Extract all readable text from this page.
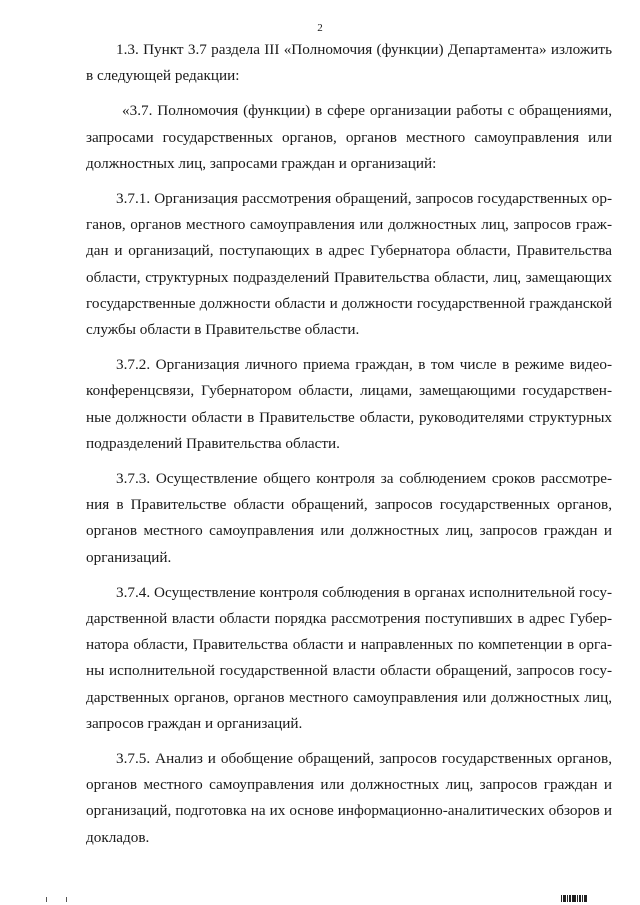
2

1.3. Пункт 3.7 раздела III «Полномочия (функции) Департамента» изложить в следующей редакции:

«3.7. Полномочия (функции) в сфере организации работы с обращениями, запросами государственных органов, органов местного самоуправления или должностных лиц, запросами граждан и организаций:

3.7.1. Организация рассмотрения обращений, запросов государственных органов, органов местного самоуправления или должностных лиц, запросов граждан и организаций, поступающих в адрес Губернатора области, Правительства области, структурных подразделений Правительства области, лиц, замещающих государственные должности области и должности государственной гражданской службы области в Правительстве области.

3.7.2. Организация личного приема граждан, в том числе в режиме видеоконференцсвязи, Губернатором области, лицами, замещающими государственные должности области в Правительстве области, руководителями структурных подразделений Правительства области.

3.7.3. Осуществление общего контроля за соблюдением сроков рассмотрения в Правительстве области обращений, запросов государственных органов, органов местного самоуправления или должностных лиц, запросов граждан и организаций.

3.7.4. Осуществление контроля соблюдения в органах исполнительной государственной власти области порядка рассмотрения поступивших в адрес Губернатора области, Правительства области и направленных по компетенции в органы исполнительной государственной власти области обращений, запросов государственных органов, органов местного самоуправления или должностных лиц, запросов граждан и организаций.

3.7.5. Анализ и обобщение обращений, запросов государственных органов, органов местного самоуправления или должностных лиц, запросов граждан и организаций, подготовка на их основе информационно-аналитических обзоров и докладов.
